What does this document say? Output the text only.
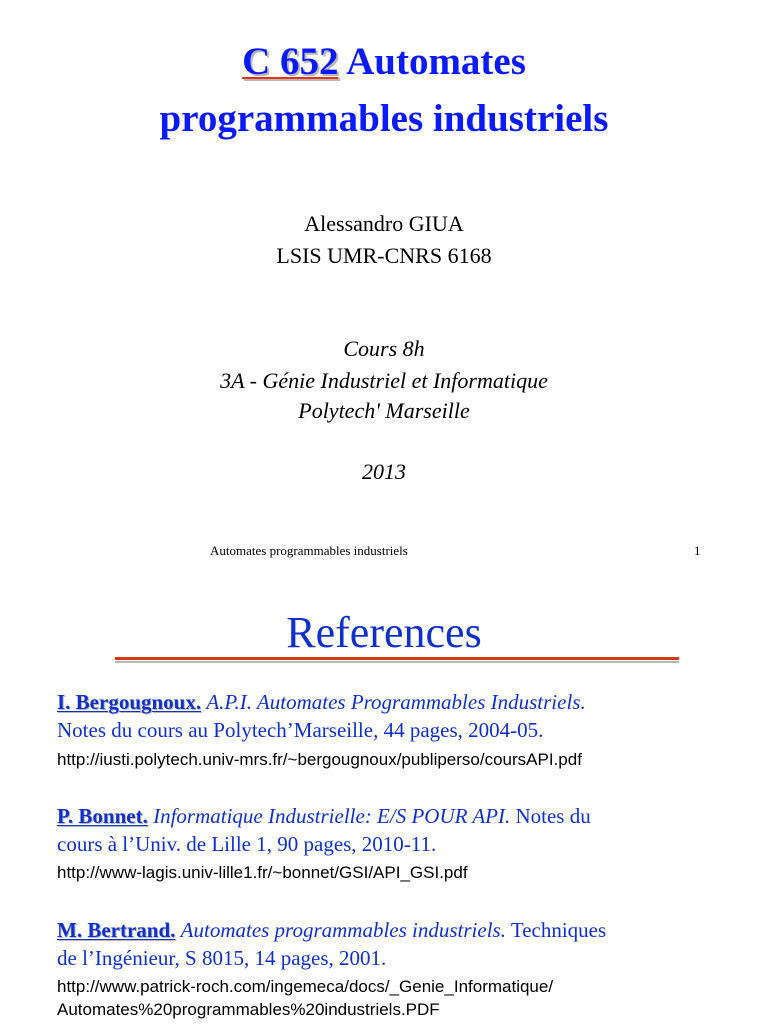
C 652 Automates
programmables industriels
Alessandro GIUA
LSIS UMR-CNRS 6168
Cours 8h
3A - Génie Industriel et Informatique
Polytech' Marseille
2013
Automates programmables industriels	1
References
I. Bergougnoux. A.P.I. Automates Programmables Industriels.
Notes du cours au Polytech’Marseille, 44 pages, 2004-05.
http://iusti.polytech.univ-mrs.fr/~bergougnoux/publiperso/coursAPI.pdf
P. Bonnet. Informatique Industrielle: E/S POUR API. Notes du
cours à l’Univ. de Lille 1, 90 pages, 2010-11.
http://www-lagis.univ-lille1.fr/~bonnet/GSI/API_GSI.pdf
M. Bertrand. Automates programmables industriels. Techniques
de l’Ingénieur, S 8015, 14 pages, 2001.
http://www.patrick-roch.com/ingemeca/docs/_Genie_Informatique/
Automates%20programmables%20industriels.PDF
